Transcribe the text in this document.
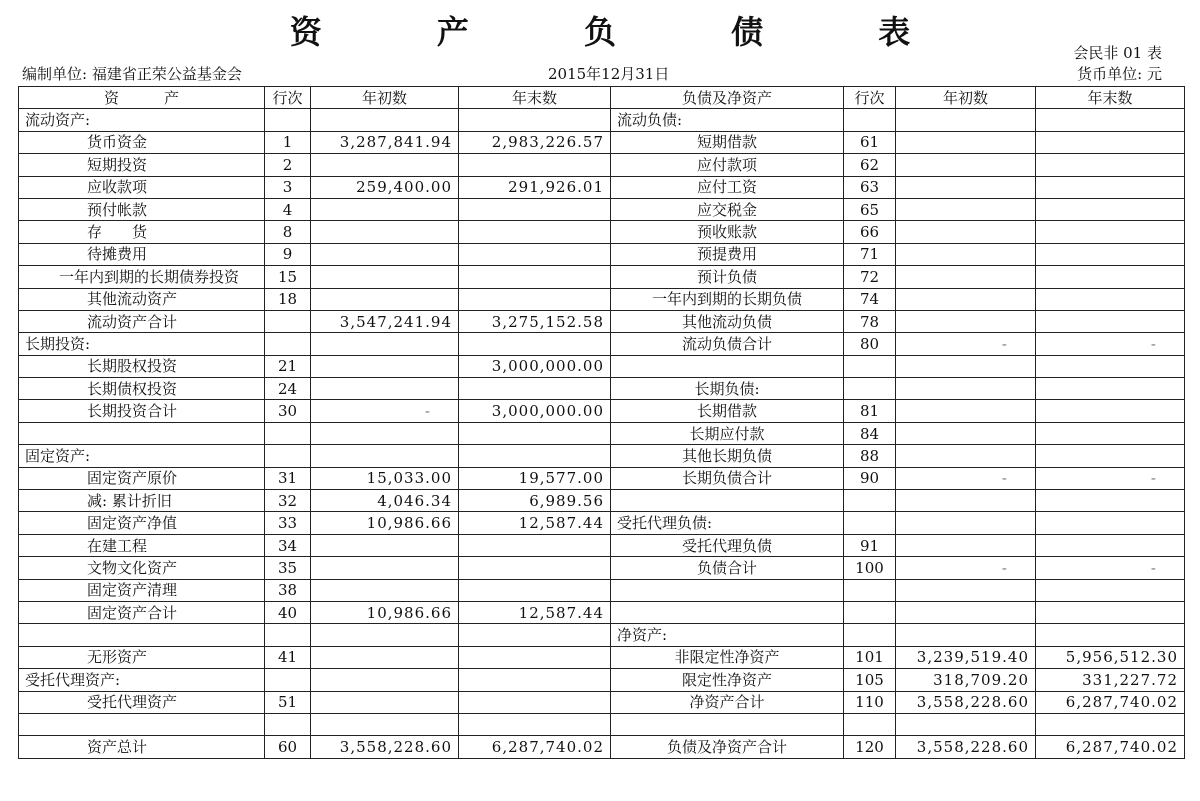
资 产 负 债 表
会民非 01 表
编制单位: 福建省正荣公益基金会	2015年12月31日	货币单位: 元
资　　　产	行次	年初数	年末数	负债及净资产	行次	年初数	年末数
流动资产:				流动负债:			
货币资金	1	3,287,841.94	2,983,226.57	短期借款	61		
短期投资	2			应付款项	62		
应收款项	3	259,400.00	291,926.01	应付工资	63		
预付帐款	4			应交税金	65		
存　　货	8			预收账款	66		
待摊费用	9			预提费用	71		
一年内到期的长期债券投资	15			预计负债	72		
其他流动资产	18			一年内到期的长期负债	74		
流动资产合计		3,547,241.94	3,275,152.58	其他流动负债	78		
长期投资:				流动负债合计	80	-	-
长期股权投资	21		3,000,000.00				
长期债权投资	24			长期负债:			
长期投资合计	30	-	3,000,000.00	长期借款	81		
				长期应付款	84		
固定资产:				其他长期负债	88		
固定资产原价	31	15,033.00	19,577.00	长期负债合计	90	-	-
减: 累计折旧	32	4,046.34	6,989.56				
固定资产净值	33	10,986.66	12,587.44	受托代理负债:			
在建工程	34			受托代理负债	91		
文物文化资产	35			负债合计	100	-	-
固定资产清理	38						
固定资产合计	40	10,986.66	12,587.44				
				净资产:			
无形资产	41			非限定性净资产	101	3,239,519.40	5,956,512.30
受托代理资产:				限定性净资产	105	318,709.20	331,227.72
受托代理资产	51			净资产合计	110	3,558,228.60	6,287,740.02

资产总计	60	3,558,228.60	6,287,740.02	负债及净资产合计	120	3,558,228.60	6,287,740.02
